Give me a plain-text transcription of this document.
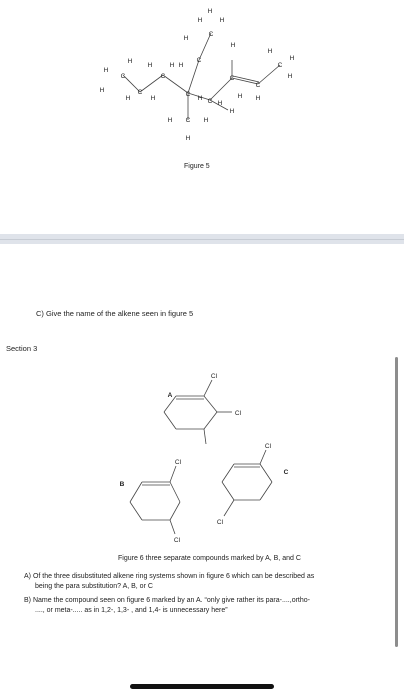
C
C
C
C
C
C
C
C
C
C
C
H
H	H
H
H
H
H
H	H H
H
H	H	H
H	H
H
H
H
H H
H
H
H
Figure 5
C) Give the name of the alkene seen in figure 5
Section 3
A
B
C
Cl
Cl
Cl
Cl
Cl
Cl
Figure 6 three separate compounds marked by A, B, and C
A) Of the three disubstituted alkene ring systems shown in figure 6 which can be described as
being the para substitution? A, B, or C
B) Name the compound seen on figure 6 marked by an A. “only give rather its para-....,ortho-
...., or meta-..... as in 1,2-, 1,3- , and 1,4- is unnecessary here”
